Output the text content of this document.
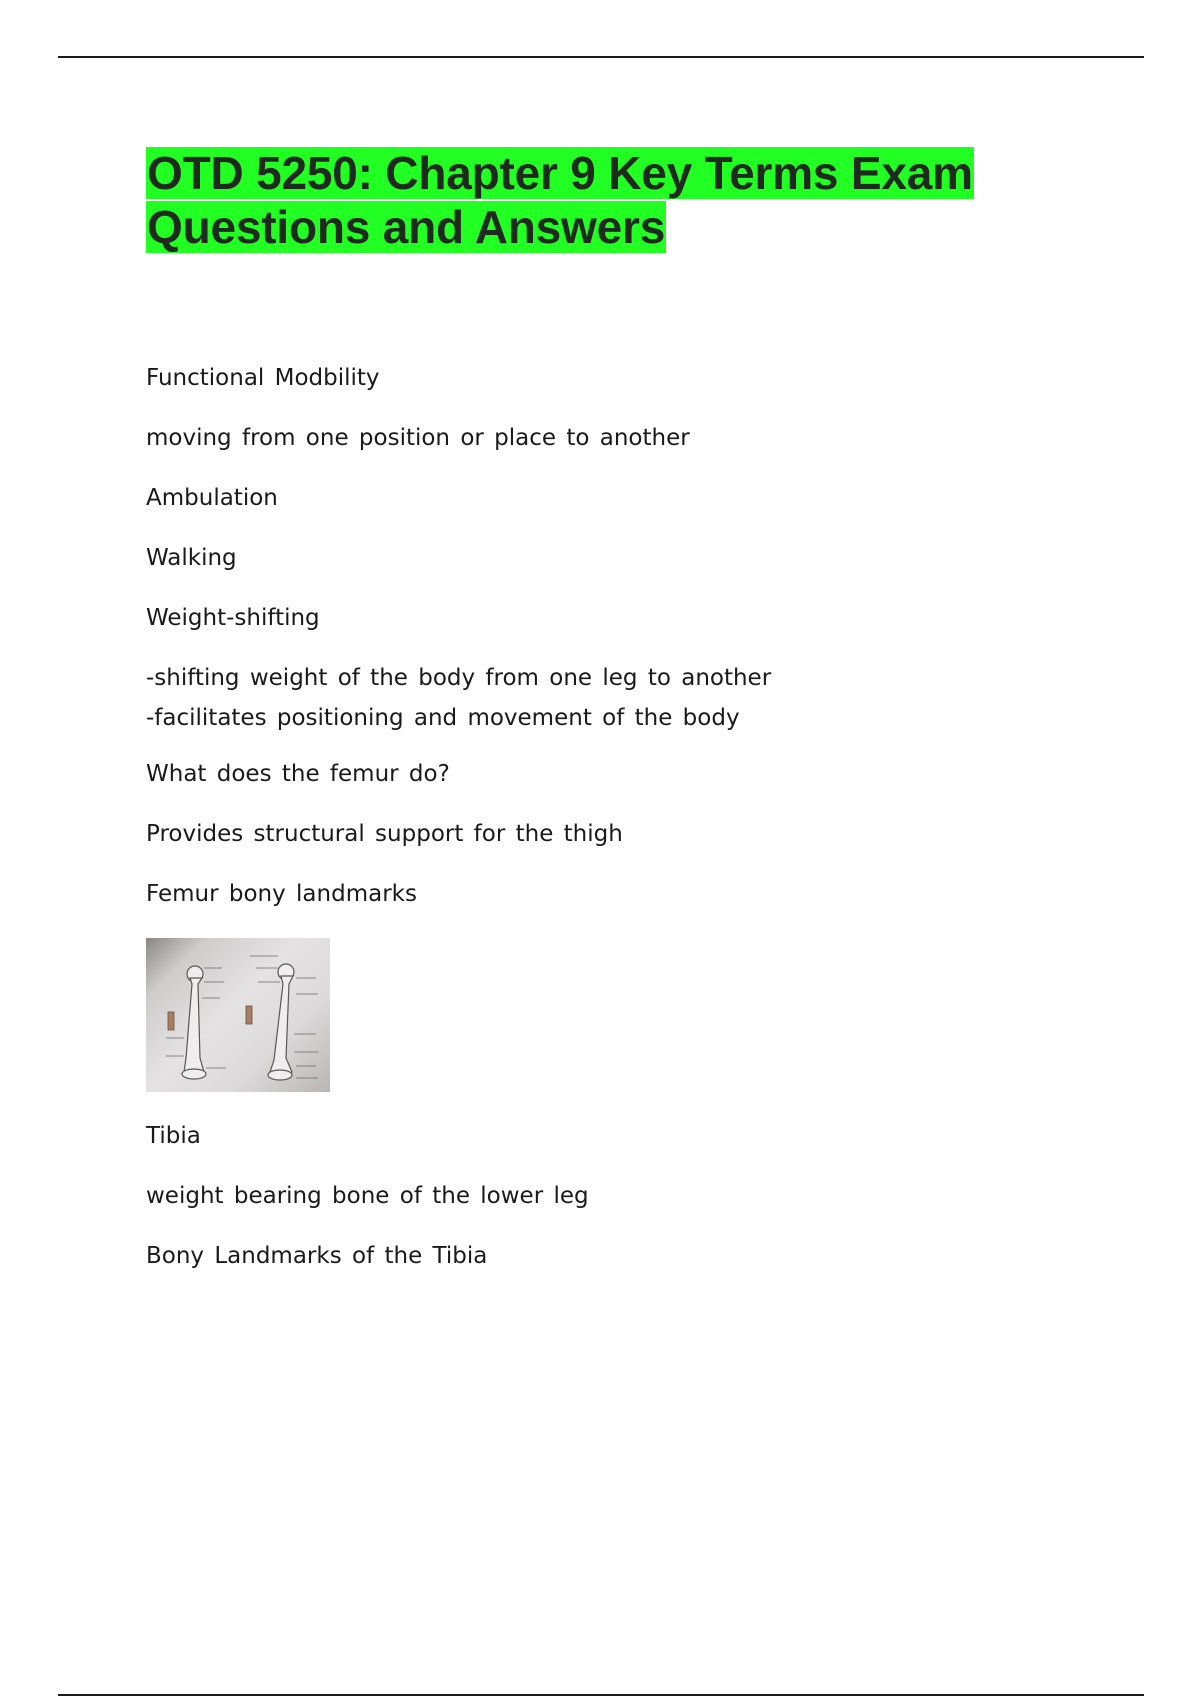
OTD 5250: Chapter 9 Key Terms Exam Questions and Answers

Functional Modbility

moving from one position or place to another

Ambulation

Walking

Weight-shifting

-shifting weight of the body from one leg to another
-facilitates positioning and movement of the body

What does the femur do?

Provides structural support for the thigh

Femur bony landmarks

Tibia

weight bearing bone of the lower leg

Bony Landmarks of the Tibia
